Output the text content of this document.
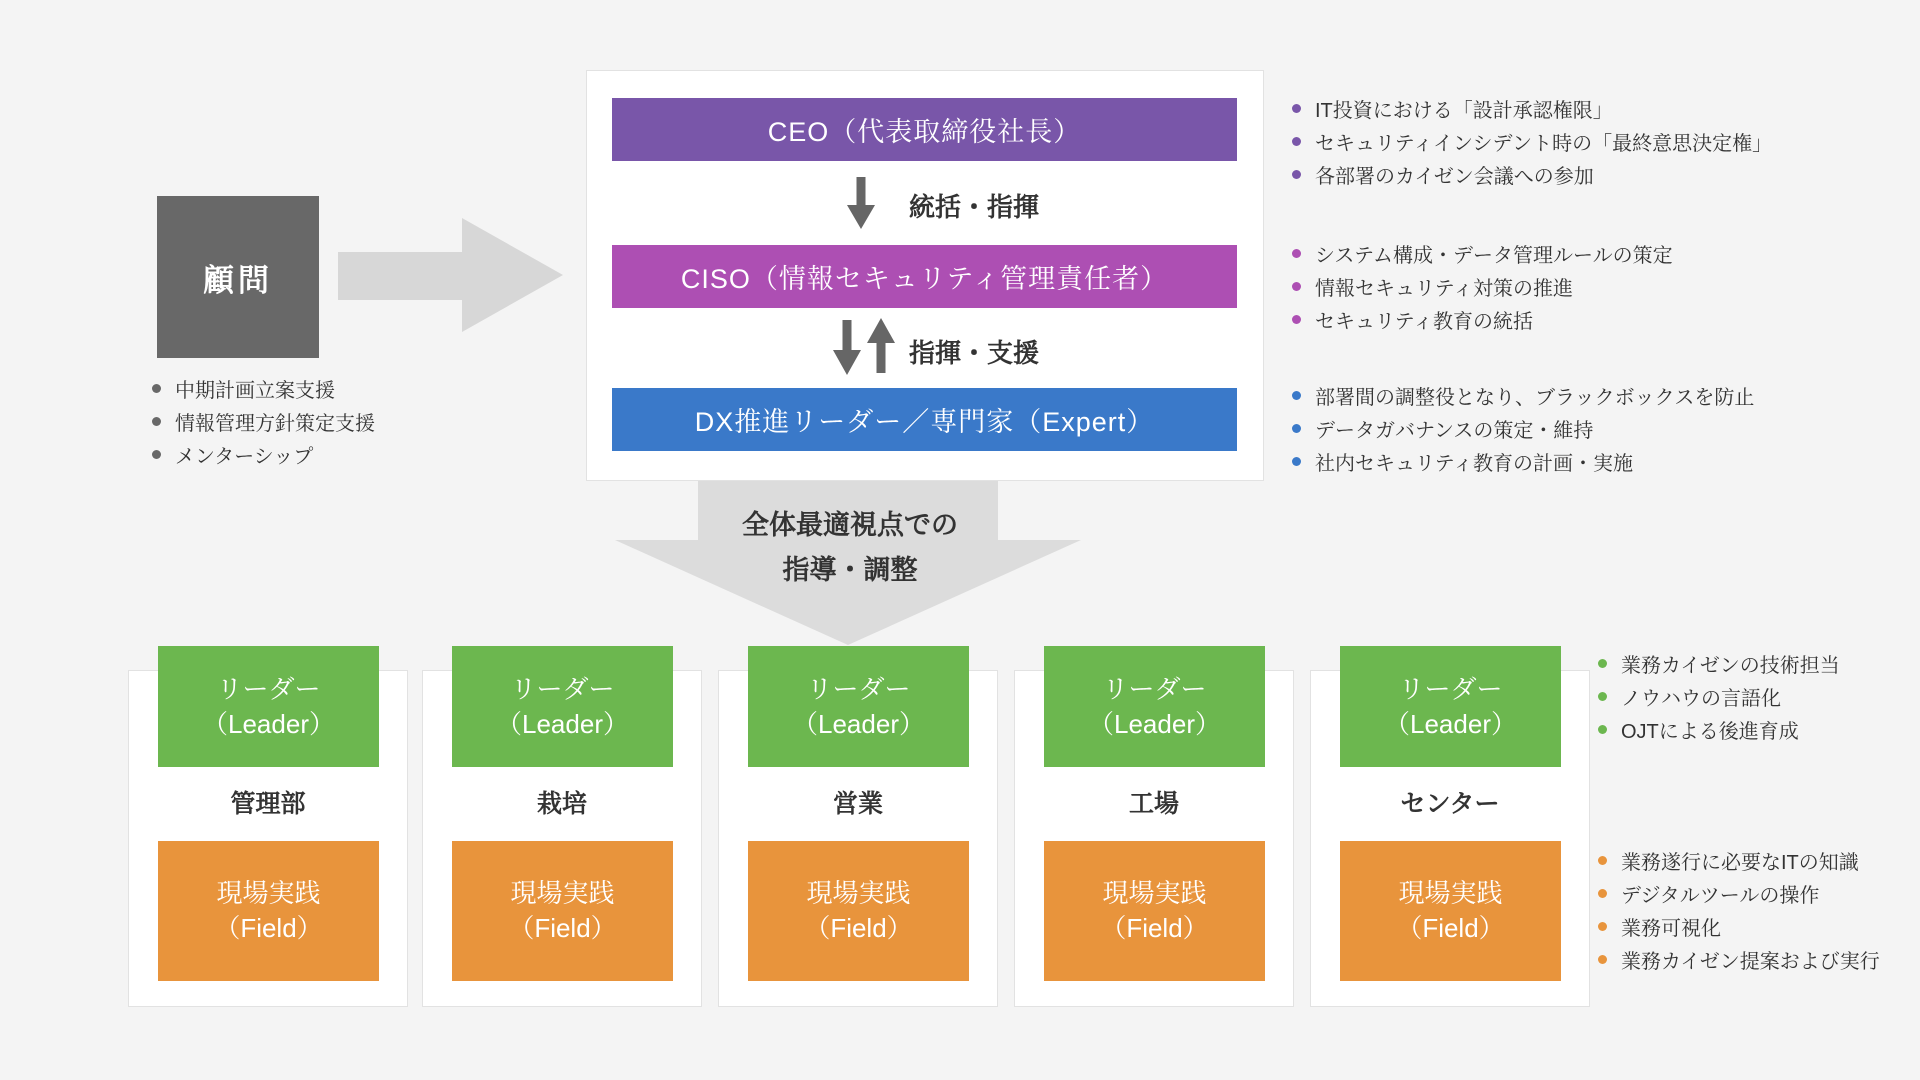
顧問
中期計画立案支援
情報管理方針策定支援
メンターシップ
CEO（代表取締役社長）
統括・指揮
CISO（情報セキュリティ管理責任者）
指揮・支援
DX推進リーダー／専門家（Expert）
IT投資における「設計承認権限」
セキュリティインシデント時の「最終意思決定権」
各部署のカイゼン会議への参加
システム構成・データ管理ルールの策定
情報セキュリティ対策の推進
セキュリティ教育の統括
部署間の調整役となり、ブラックボックスを防止
データガバナンスの策定・維持
社内セキュリティ教育の計画・実施
全体最適視点での
指導・調整
リーダー
（Leader）
管理部
現場実践
（Field）
リーダー
（Leader）
栽培
現場実践
（Field）
リーダー
（Leader）
営業
現場実践
（Field）
リーダー
（Leader）
工場
現場実践
（Field）
リーダー
（Leader）
センター
現場実践
（Field）
業務カイゼンの技術担当
ノウハウの言語化
OJTによる後進育成
業務遂行に必要なITの知識
デジタルツールの操作
業務可視化
業務カイゼン提案および実行
